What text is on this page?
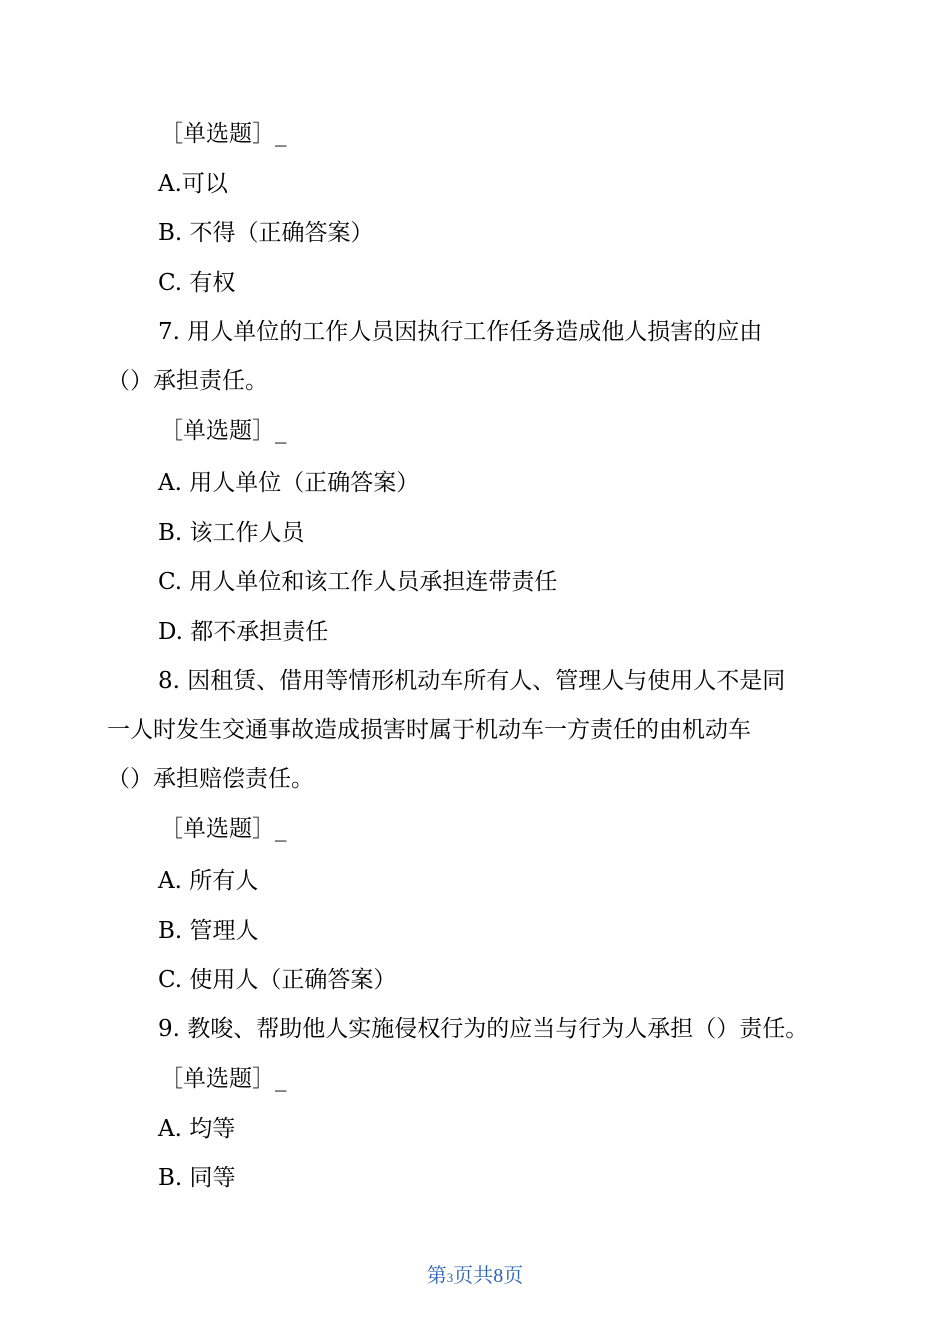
［单选题］_
A.可以
B. 不得（正确答案）
C. 有权
7. 用人单位的工作人员因执行工作任务造成他人损害的应由
（）承担责任。
［单选题］_
A. 用人单位（正确答案）
B. 该工作人员
C. 用人单位和该工作人员承担连带责任
D. 都不承担责任
8. 因租赁、借用等情形机动车所有人、管理人与使用人不是同
一人时发生交通事故造成损害时属于机动车一方责任的由机动车
（）承担赔偿责任。
［单选题］_
A. 所有人
B. 管理人
C. 使用人（正确答案）
9. 教唆、帮助他人实施侵权行为的应当与行为人承担（）责任。
［单选题］_
A. 均等
B. 同等
第3页共8页
